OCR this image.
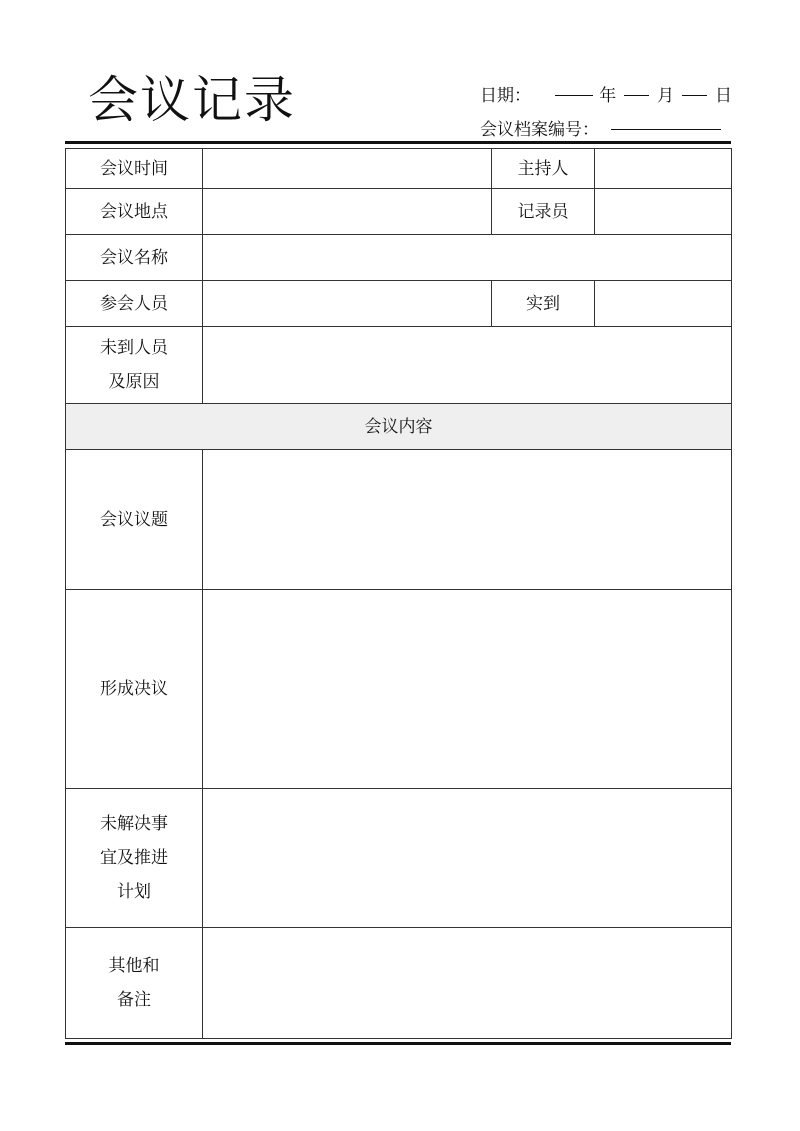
会议记录	日期：	年 月 日
会议档案编号：
会议时间		主持人	
会议地点		记录员	
会议名称			
参会人员		实到	

未到人员
及原因			

会议内容			
会议议题			
形成决议			

未解决事
宜及推进
计划			

其他和
备注			
